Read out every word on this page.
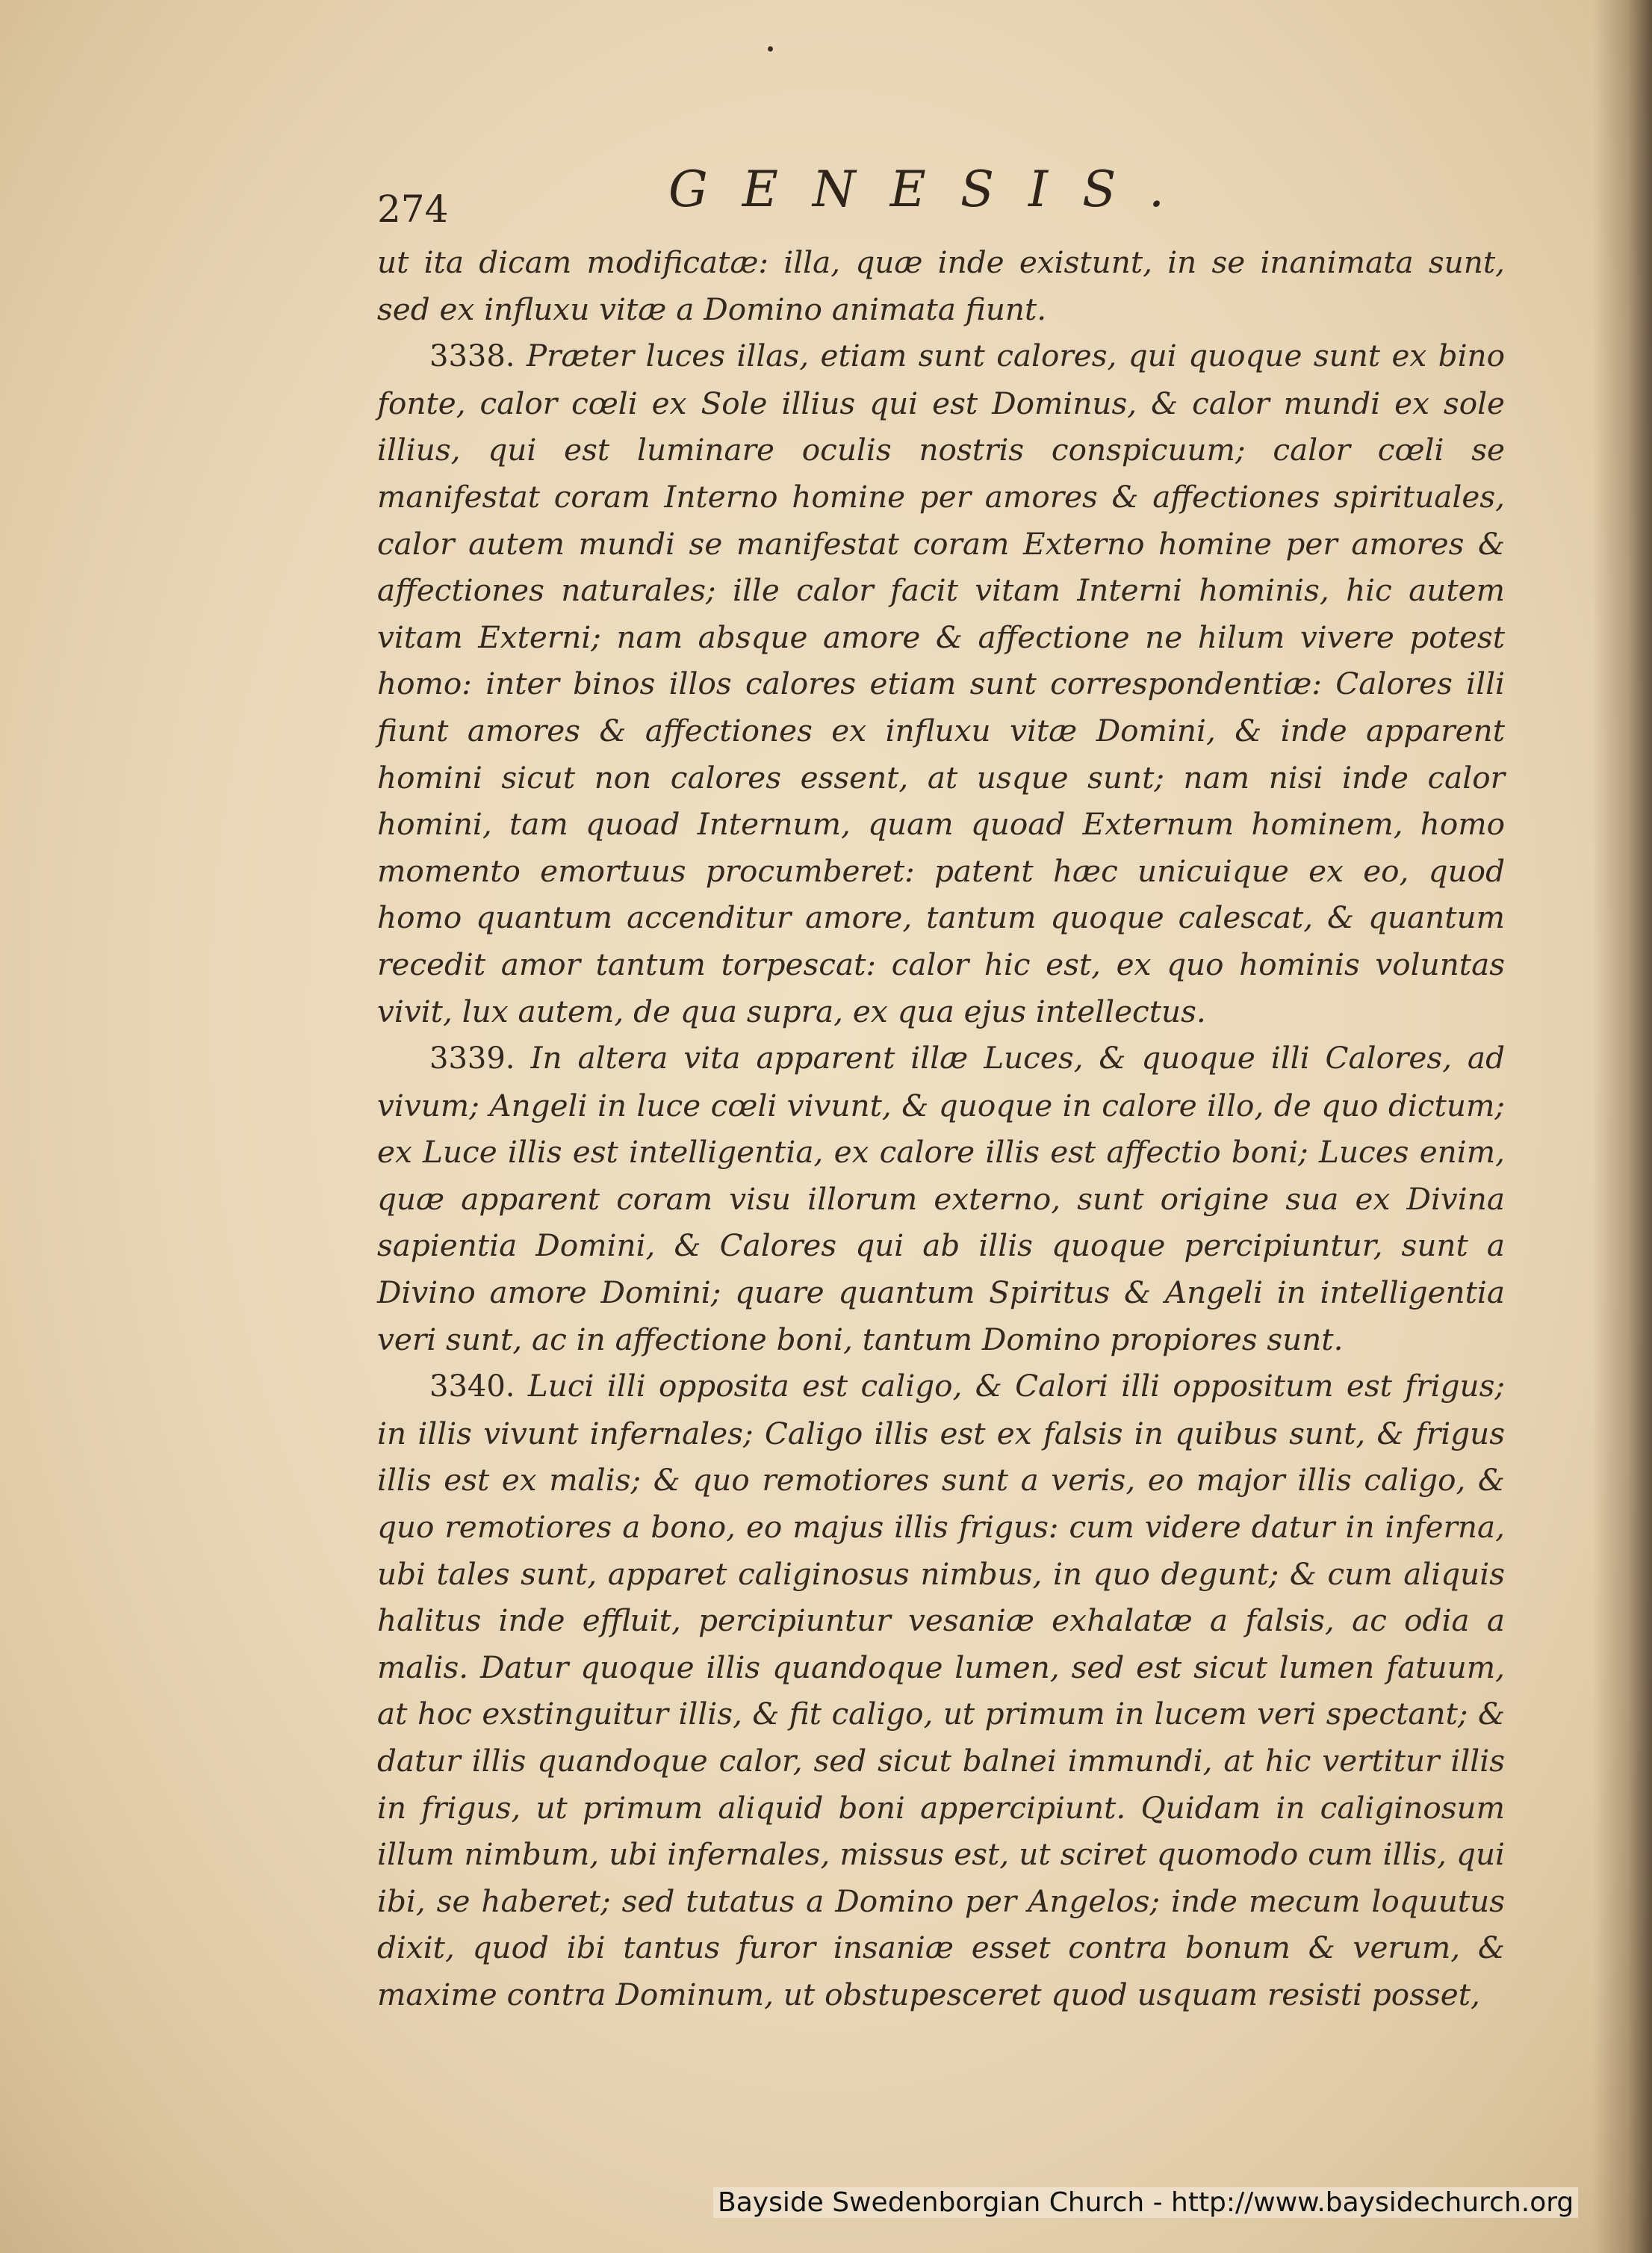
274	GENESIS.

ut ita dicam modificatæ: illa, quæ inde existunt, in se inanimata sunt, sed ex influxu vitæ a Domino animata fiunt.

3338. Præter luces illas, etiam sunt calores, qui quoque sunt ex bino fonte, calor cœli ex Sole illius qui est Dominus, & calor mundi ex sole illius, qui est luminare oculis nostris conspicuum; calor cœli se manifestat coram Interno homine per amores & affectiones spirituales, calor autem mundi se manifestat coram Externo homine per amores & affectiones naturales; ille calor facit vitam Interni hominis, hic autem vitam Externi; nam absque amore & affectione ne hilum vivere potest homo: inter binos illos calores etiam sunt correspondentiæ: Calores illi fiunt amores & affectiones ex influxu vitæ Domini, & inde apparent homini sicut non calores essent, at usque sunt; nam nisi inde calor homini, tam quoad Internum, quam quoad Externum hominem, homo momento emortuus procumberet: patent hæc unicuique ex eo, quod homo quantum accenditur amore, tantum quoque calescat, & quantum recedit amor tantum torpescat: calor hic est, ex quo hominis voluntas vivit, lux autem, de qua supra, ex qua ejus intellectus.

3339. In altera vita apparent illæ Luces, & quoque illi Calores, ad vivum; Angeli in luce cœli vivunt, & quoque in calore illo, de quo dictum; ex Luce illis est intelligentia, ex calore illis est affectio boni; Luces enim, quæ apparent coram visu illorum externo, sunt origine sua ex Divina sapientia Domini, & Calores qui ab illis quoque percipiuntur, sunt a Divino amore Domini; quare quantum Spiritus & Angeli in intelligentia veri sunt, ac in affectione boni, tantum Domino propiores sunt.

3340. Luci illi opposita est caligo, & Calori illi oppositum est frigus; in illis vivunt infernales; Caligo illis est ex falsis in quibus sunt, & frigus illis est ex malis; & quo remotiores sunt a veris, eo major illis caligo, & quo remotiores a bono, eo majus illis frigus: cum videre datur in inferna, ubi tales sunt, apparet caliginosus nimbus, in quo degunt; & cum aliquis halitus inde effluit, percipiuntur vesaniæ exhalatæ a falsis, ac odia a malis. Datur quoque illis quandoque lumen, sed est sicut lumen fatuum, at hoc exstinguitur illis, & fit caligo, ut primum in lucem veri spectant; & datur illis quandoque calor, sed sicut balnei immundi, at hic vertitur illis in frigus, ut primum aliquid boni appercipiunt. Quidam in caliginosum illum nimbum, ubi infernales, missus est, ut sciret quomodo cum illis, qui ibi, se haberet; sed tutatus a Domino per Angelos; inde mecum loquutus dixit, quod ibi tantus furor insaniæ esset contra bonum & verum, & maxime contra Dominum, ut obstupesceret quod usquam resisti posset,

Bayside Swedenborgian Church - http://www.baysidechurch.org
